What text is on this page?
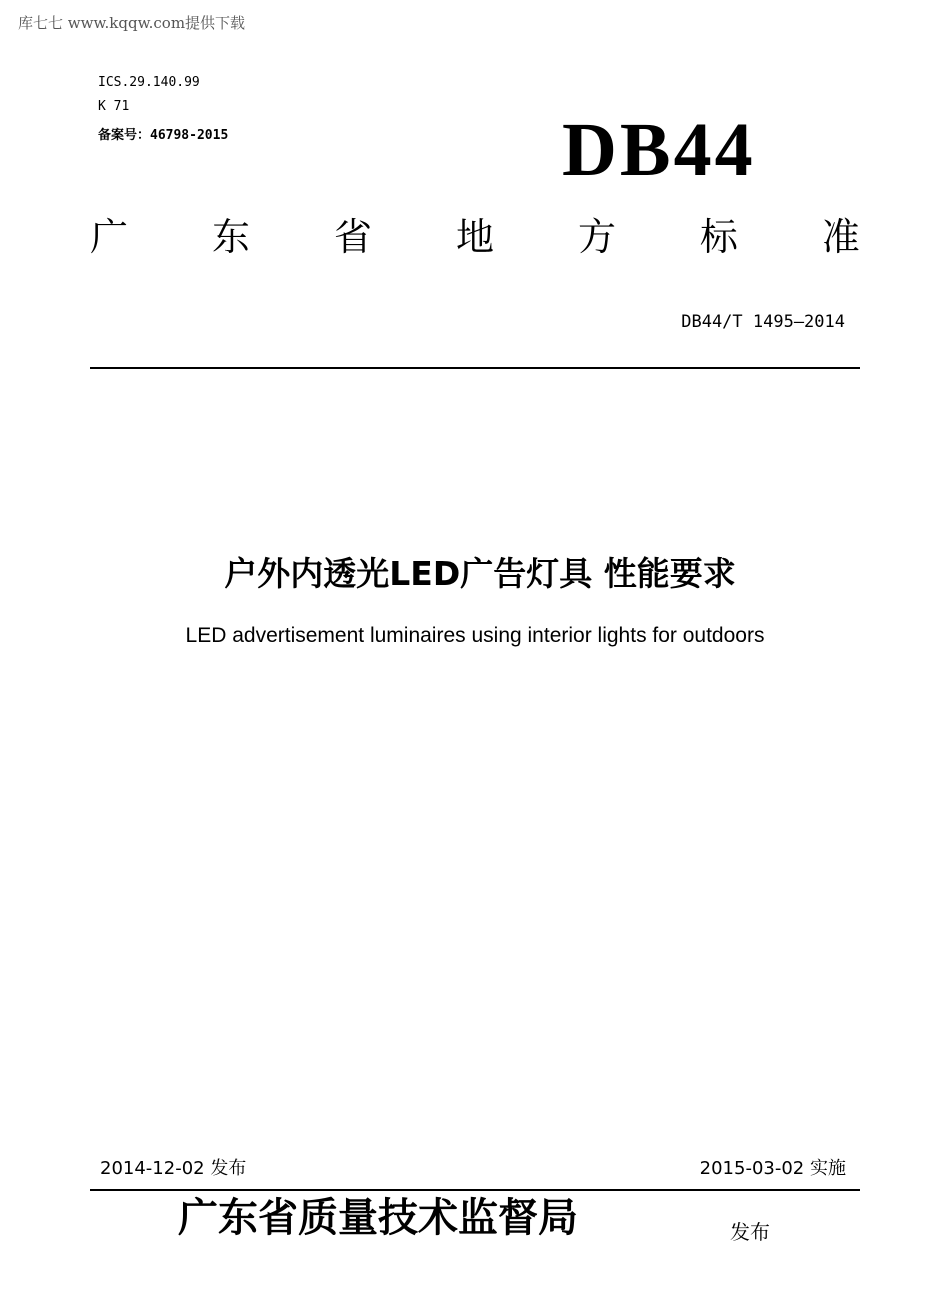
库七七 www.kqqw.com提供下载
ICS.29.140.99
K 71
备案号：46798-2015	DB44
广 东 省 地 方 标 准
DB44/T 1495—2014
户外内透光LED广告灯具 性能要求
LED advertisement luminaires using interior lights for outdoors
2014-12-02 发布	2015-03-02 实施
广东省质量技术监督局	发布
